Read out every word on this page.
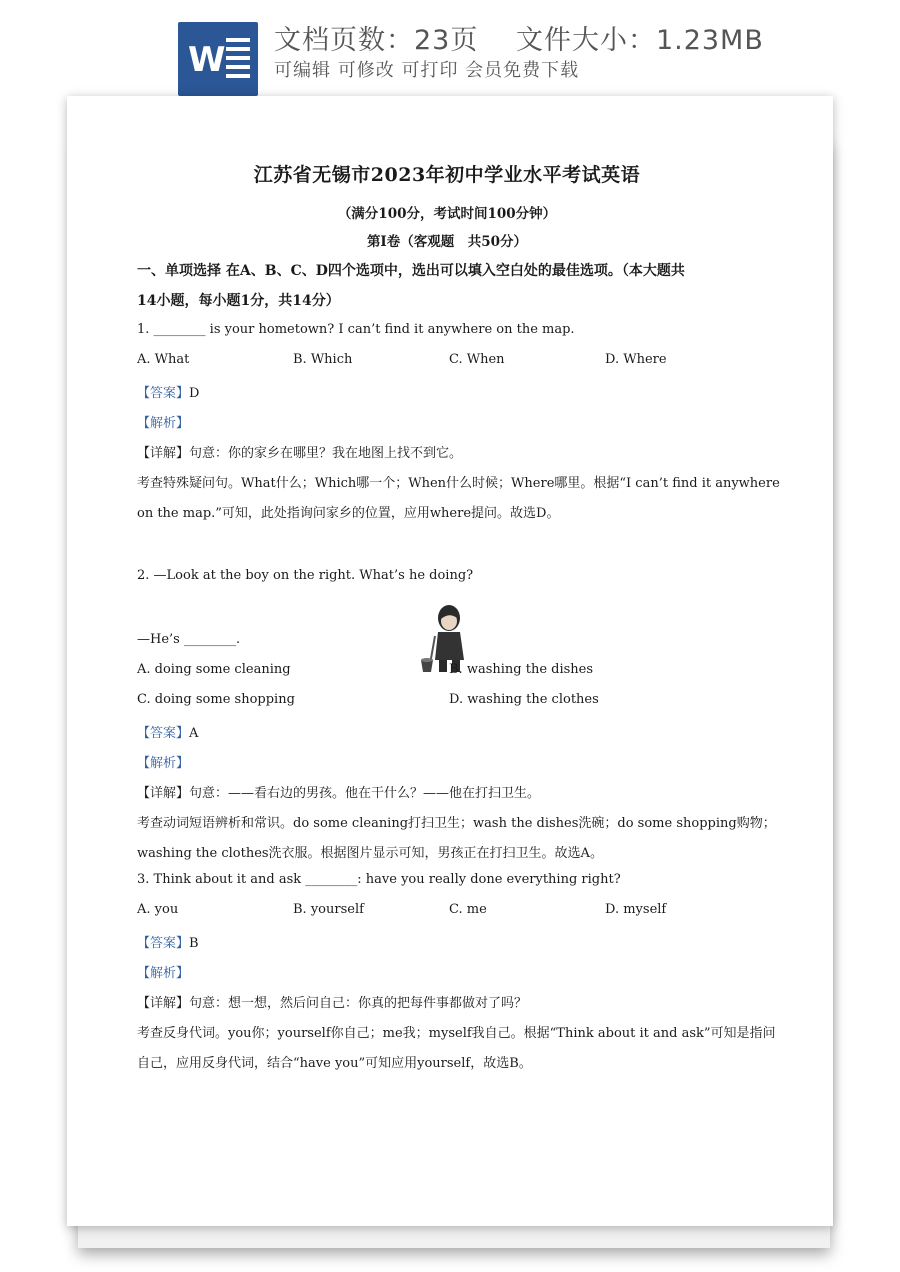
W 文档页数：23页　 文件大小：1.23MB
可编辑 可修改 可打印 会员免费下载
江苏省无锡市2023年初中学业水平考试英语
（满分100分，考试时间100分钟）
第I卷（客观题　共50分）
一、单项选择 在A、B、C、D四个选项中，选出可以填入空白处的最佳选项。（本大题共
14小题，每小题1分，共14分）
1. ________ is your hometown? I can’t find it anywhere on the map.
A. What	B. Which	C. When	D. Where
【答案】D
【解析】
【详解】句意：你的家乡在哪里？我在地图上找不到它。
考查特殊疑问句。What什么；Which哪一个；When什么时候；Where哪里。根据“I can’t find it anywhere
on the map.”可知，此处指询问家乡的位置，应用where提问。故选D。
2. —Look at the boy on the right. What’s he doing?
—He’s ________.
A. doing some cleaning	B. washing the dishes
C. doing some shopping	D. washing the clothes
【答案】A
【解析】
【详解】句意：——看右边的男孩。他在干什么？——他在打扫卫生。
考查动词短语辨析和常识。do some cleaning打扫卫生；wash the dishes洗碗；do some shopping购物；
washing the clothes洗衣服。根据图片显示可知，男孩正在打扫卫生。故选A。
3. Think about it and ask ________: have you really done everything right?
A. you	B. yourself	C. me	D. myself
【答案】B
【解析】
【详解】句意：想一想，然后问自己：你真的把每件事都做对了吗？
考查反身代词。you你；yourself你自己；me我；myself我自己。根据“Think about it and ask”可知是指问
自己，应用反身代词，结合“have you”可知应用yourself，故选B。
